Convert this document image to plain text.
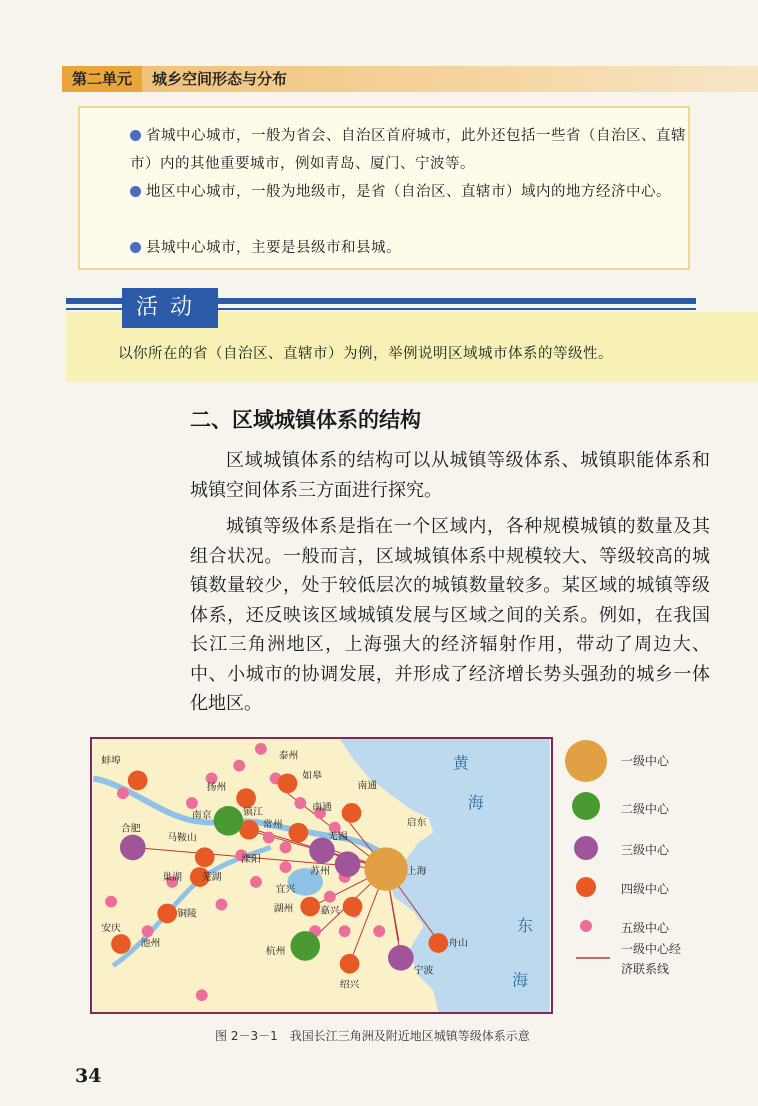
第二单元	城乡空间形态与分布
省城中心城市，一般为省会、自治区首府城市，此外还包括一些省（自治区、直辖市）内的其他重要城市，例如青岛、厦门、宁波等。
地区中心城市，一般为地级市，是省（自治区、直辖市）域内的地方经济中心。
县城中心城市，主要是县级市和县城。
活动
以你所在的省（自治区、直辖市）为例，举例说明区域城市体系的等级性。
二、区域城镇体系的结构
区域城镇体系的结构可以从城镇等级体系、城镇职能体系和城镇空间体系三方面进行探究。
城镇等级体系是指在一个区域内，各种规模城镇的数量及其组合状况。一般而言，区域城镇体系中规模较大、等级较高的城镇数量较少，处于较低层次的城镇数量较多。某区域的城镇等级体系，还反映该区域城镇发展与区域之间的关系。例如，在我国长江三角洲地区，上海强大的经济辐射作用，带动了周边大、中、小城市的协调发展，并形成了经济增长势头强劲的城乡一体化地区。
黄
海
东
海
蚌埠	泰州
如皋
扬州	南通
南通
南京	镇江
启东
合肥
马鞍山
常州
无锡
溧阳
苏州	上海
巢湖 芜湖
宜兴
铜陵	湖州	嘉兴
安庆
池州
杭州
舟山
绍兴
宁波
一级中心
二级中心
三级中心
四级中心
五级中心
一级中心经
济联系线
图 2－3－1　我国长江三角洲及附近地区城镇等级体系示意
34
